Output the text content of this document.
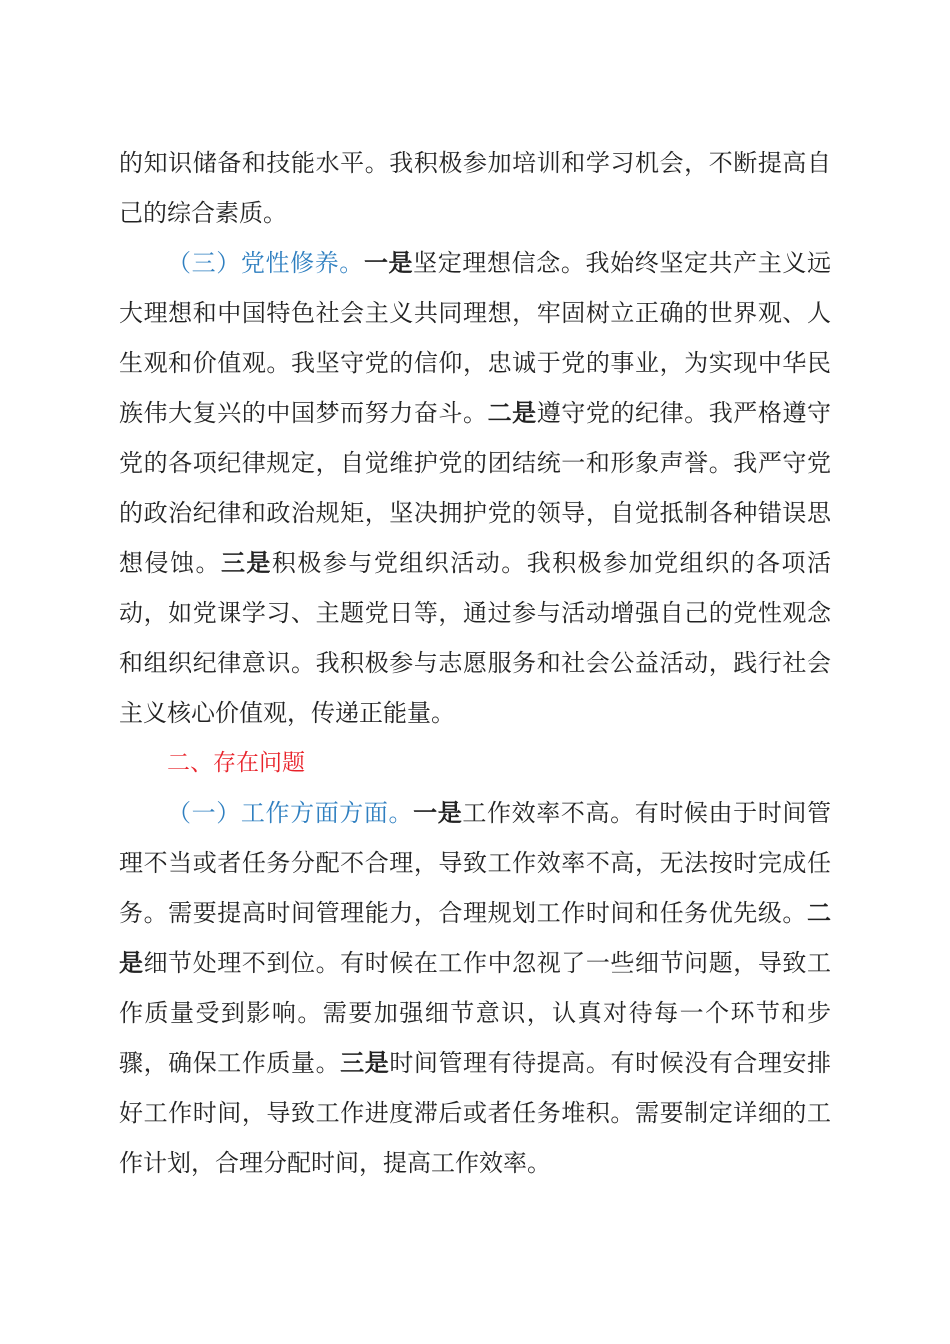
的知识储备和技能水平。我积极参加培训和学习机会，不断提高自己的综合素质。

（三）党性修养。一是坚定理想信念。我始终坚定共产主义远大理想和中国特色社会主义共同理想，牢固树立正确的世界观、人生观和价值观。我坚守党的信仰，忠诚于党的事业，为实现中华民族伟大复兴的中国梦而努力奋斗。二是遵守党的纪律。我严格遵守党的各项纪律规定，自觉维护党的团结统一和形象声誉。我严守党的政治纪律和政治规矩，坚决拥护党的领导，自觉抵制各种错误思想侵蚀。三是积极参与党组织活动。我积极参加党组织的各项活动，如党课学习、主题党日等，通过参与活动增强自己的党性观念和组织纪律意识。我积极参与志愿服务和社会公益活动，践行社会主义核心价值观，传递正能量。

二、存在问题

（一）工作方面方面。一是工作效率不高。有时候由于时间管理不当或者任务分配不合理，导致工作效率不高，无法按时完成任务。需要提高时间管理能力，合理规划工作时间和任务优先级。二是细节处理不到位。有时候在工作中忽视了一些细节问题，导致工作质量受到影响。需要加强细节意识，认真对待每一个环节和步骤，确保工作质量。三是时间管理有待提高。有时候没有合理安排好工作时间，导致工作进度滞后或者任务堆积。需要制定详细的工作计划，合理分配时间，提高工作效率。
